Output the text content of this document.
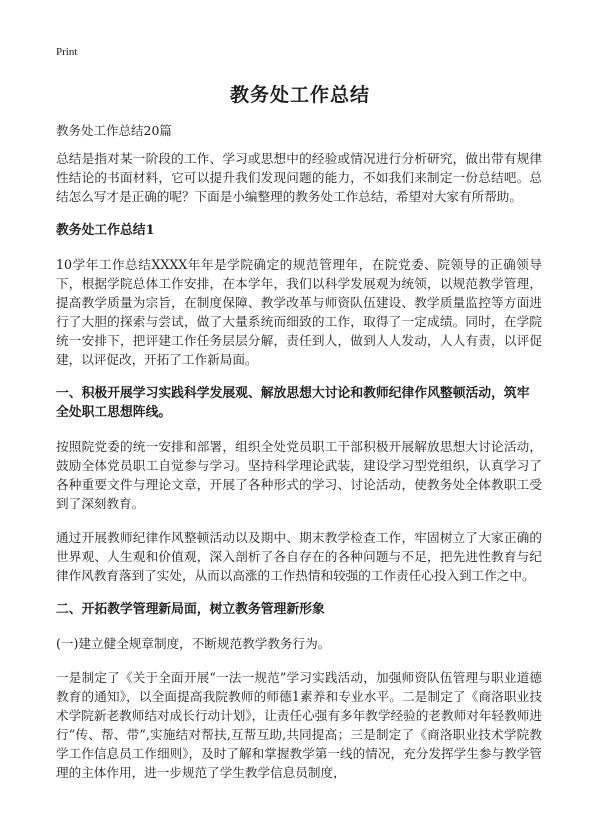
Print
教务处工作总结
教务处工作总结20篇

总结是指对某一阶段的工作、学习或思想中的经验或情况进行分析研究，做出带有规律性结论的书面材料，它可以提升我们发现问题的能力，不如我们来制定一份总结吧。总结怎么写才是正确的呢？下面是小编整理的教务处工作总结，希望对大家有所帮助。

教务处工作总结1

10学年工作总结XXXX年年是学院确定的规范管理年，在院党委、院领导的正确领导下，根据学院总体工作安排，在本学年，我们以科学发展观为统领，以规范教学管理，提高教学质量为宗旨，在制度保障、教学改革与师资队伍建设、教学质量监控等方面进行了大胆的探索与尝试，做了大量系统而细致的工作，取得了一定成绩。同时，在学院统一安排下，把评建工作任务层层分解，责任到人，做到人人发动，人人有责，以评促建，以评促改，开拓了工作新局面。

一、积极开展学习实践科学发展观、解放思想大讨论和教师纪律作风整顿活动，筑牢全处职工思想阵线。

按照院党委的统一安排和部署，组织全处党员职工干部积极开展解放思想大讨论活动，鼓励全体党员职工自觉参与学习。坚持科学理论武装，建设学习型党组织，认真学习了各种重要文件与理论文章，开展了各种形式的学习、讨论活动，使教务处全体教职工受到了深刻教育。

通过开展教师纪律作风整顿活动以及期中、期末教学检查工作，牢固树立了大家正确的世界观、人生观和价值观，深入剖析了各自存在的各种问题与不足，把先进性教育与纪律作风教育落到了实处，从而以高涨的工作热情和较强的工作责任心投入到工作之中。

二、开拓教学管理新局面，树立教务管理新形象

(一)建立健全规章制度，不断规范教学教务行为。

一是制定了《关于全面开展“一法一规范”学习实践活动，加强师资队伍管理与职业道德教育的通知》，以全面提高我院教师的师德1素养和专业水平。二是制定了《商洛职业技术学院新老教师结对成长行动计划》，让责任心强有多年教学经验的老教师对年轻教师进行“传、帮、带”,实施结对帮扶,互帮互助,共同提高；三是制定了《商洛职业技术学院教学工作信息员工作细则》，及时了解和掌握教学第一线的情况，充分发挥学生参与教学管理的主体作用，进一步规范了学生教学信息员制度，
